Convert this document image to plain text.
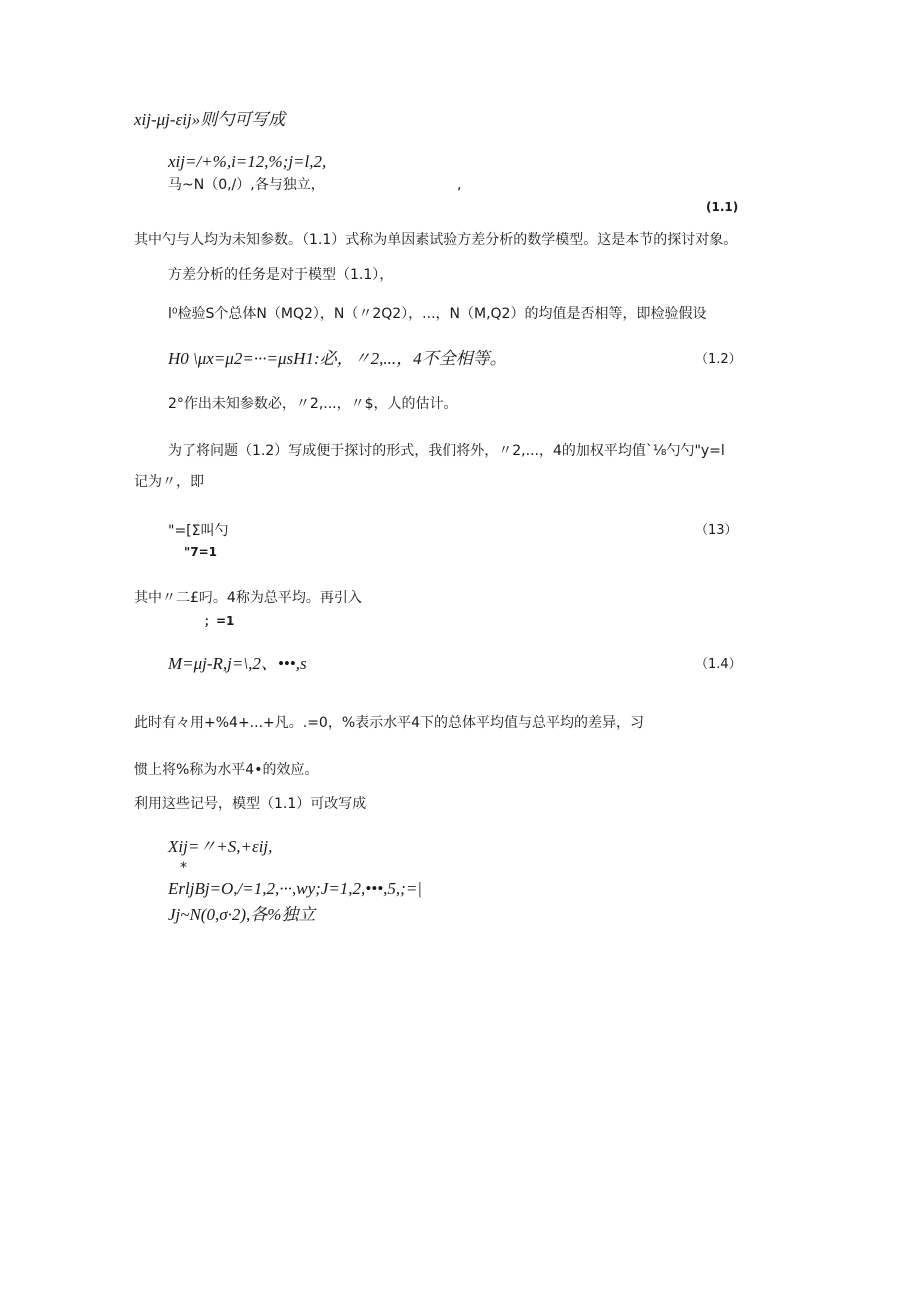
xij-μj-εij»则勺可写成
xij=/+%,i=12,%;j=l,2,
马~N（0,/）,各与独立，	,
(1.1)
其中勺与人均为未知参数。（1.1）式称为单因素试验方差分析的数学模型。这是本节的探讨对象。
方差分析的任务是对于模型（1.1），
l⁰检验S个总体N（MQ2），N（〃2Q2），...，N（M,Q2）的均值是否相等，即检验假设
H0 \μx=μ2=···=μsH1:必，〃2,...，4不全相等。	（1.2）
2°作出未知参数必，〃2,...，〃$，人的估计。
为了将问题（1.2）写成便于探讨的形式，我们将外，〃2,...，4的加权平均值`⅛勺勺"y=l
记为〃，即
"=[Σ叫勺
"7=1
（13）
其中〃二£叼。4称为总平均。再引入
；=1
M=μj-R,j=\,2、•••,s	（1.4）
此时有々用+%4+...+凡。.=0，%表示水平4下的总体平均值与总平均的差异，习
惯上将%称为水平4•的效应。
利用这些记号，模型（1.1）可改写成
Xij=〃+S,+εij,
*
ErljBj=O,/=1,2,···,wy;J=1,2,•••,5,;=|
Jj~N(0,σ·2),各%独立
